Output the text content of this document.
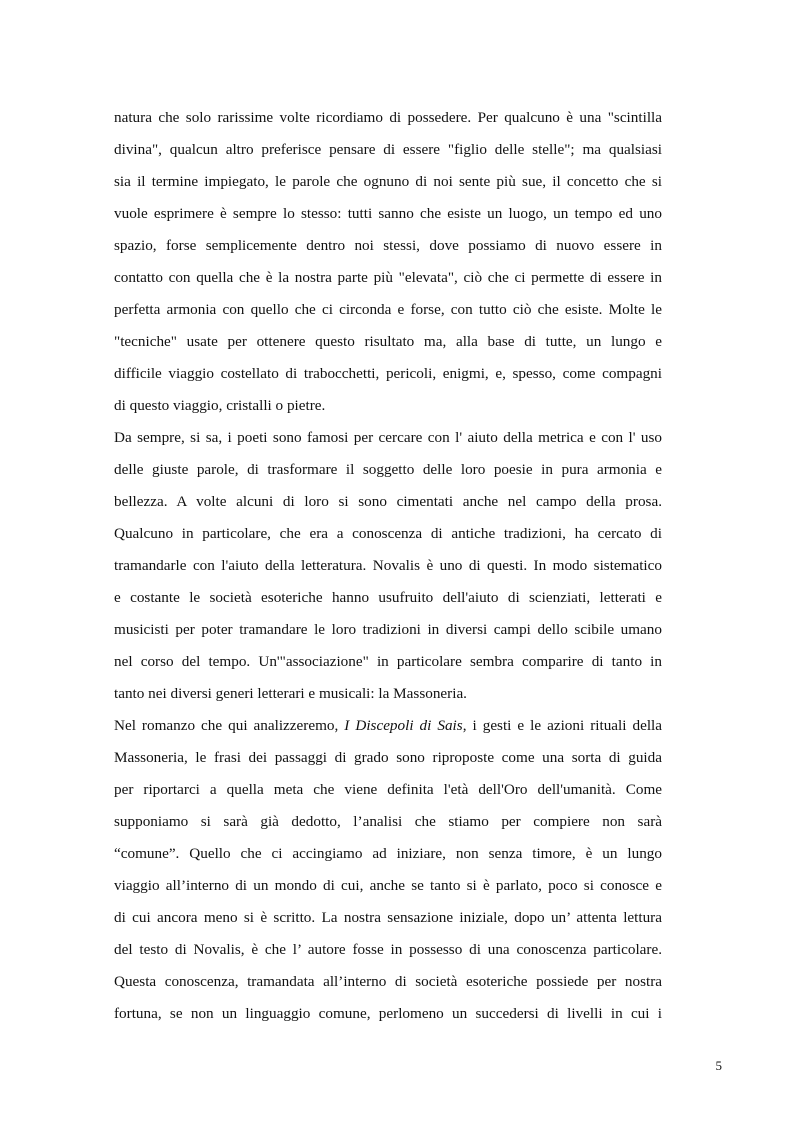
natura che solo rarissime volte ricordiamo di possedere. Per qualcuno è una "scintilla
divina", qualcun altro preferisce pensare di essere "figlio delle stelle"; ma qualsiasi
sia il termine impiegato, le parole che ognuno di noi sente più sue, il concetto che si
vuole esprimere è sempre lo stesso: tutti sanno che esiste un luogo, un tempo ed uno
spazio, forse semplicemente dentro noi stessi, dove possiamo di nuovo essere in
contatto con quella che è la nostra parte più "elevata", ciò che ci permette di essere in
perfetta armonia con quello che ci circonda e forse, con tutto ciò che esiste. Molte le
"tecniche" usate per ottenere questo risultato ma, alla base di tutte, un lungo e
difficile viaggio costellato di trabocchetti, pericoli, enigmi, e, spesso, come compagni
di questo viaggio, cristalli o pietre.
Da sempre, si sa, i poeti sono famosi per cercare con l' aiuto della metrica e con l' uso
delle giuste parole, di trasformare il soggetto delle loro poesie in pura armonia e
bellezza. A volte alcuni di loro si sono cimentati anche nel campo della prosa.
Qualcuno in particolare, che era a conoscenza di antiche tradizioni, ha cercato di
tramandarle con l'aiuto della letteratura. Novalis è uno di questi. In modo sistematico
e costante le società esoteriche hanno usufruito dell'aiuto di scienziati, letterati e
musicisti per poter tramandare le loro tradizioni in diversi campi dello scibile umano
nel corso del tempo. Un'"associazione" in particolare sembra comparire di tanto in
tanto nei diversi generi letterari e musicali: la Massoneria.
Nel romanzo che qui analizzeremo, I Discepoli di Sais, i gesti e le azioni rituali della
Massoneria, le frasi dei passaggi di grado sono riproposte come una sorta di guida
per riportarci a quella meta che viene definita l'età dell'Oro dell'umanità. Come
supponiamo si sarà già dedotto, l’analisi che stiamo per compiere non sarà
“comune”. Quello che ci accingiamo ad iniziare, non senza timore, è un lungo
viaggio all’interno di un mondo di cui, anche se tanto si è parlato, poco si conosce e
di cui ancora meno si è scritto. La nostra sensazione iniziale, dopo un’ attenta lettura
del testo di Novalis, è che l’ autore fosse in possesso di una conoscenza particolare.
Questa conoscenza, tramandata all’interno di società esoteriche possiede per nostra
fortuna, se non un linguaggio comune, perlomeno un succedersi di livelli in cui i
5
